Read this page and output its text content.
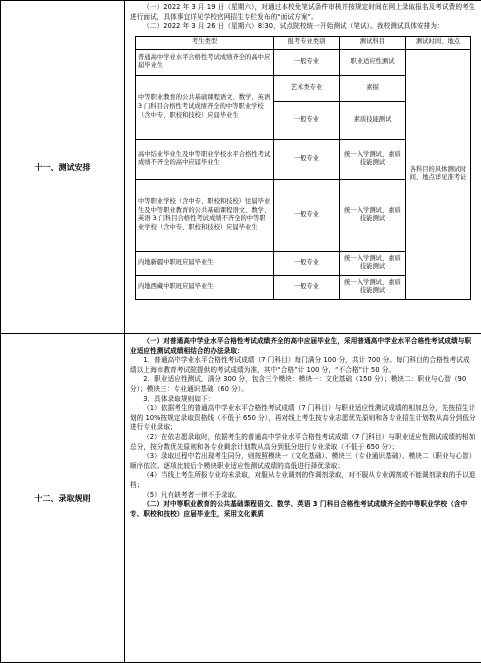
十一、测试安排	

（一）2022 年 3 月 19 日（星期六），对通过本校免笔试条件审核并按规定时间在网上录取报名及考试费的考生进行面试，具体事宜详见学校官网招生专栏发布的“面试方案”。

（二）2022 年 3 月 26 日（星期六）8:30，试点院校统一开始测试（笔试）。我校测试具体安排为：

考生类型	报考专业类别	测试科目	测试时间、地点
普通高中学业水平合格性考试成绩齐全的高中应届毕业生	一般专业	职业适应性测试	各科目的具体测试时间、地点详见准考证
中等职业教育的公共基础课程语文、数学、英语 3 门科目合格性考试成绩齐全的中等职业学校（含中专、职校和技校）应届毕业生	艺术类专业	素描
一般专业	素质技能测试
高中结业毕业生及中等职业学校水平合格性考试成绩不齐全的高中应届毕业生	一般专业	统一入学测试、素质技能测试
中等职业学校（含中专、职校和技校）往届毕业生及中等职业教育的公共基础课程语文、数学、英语 3 门科目合格性考试成绩不齐全的中等职业学校（含中专、职校和技校）应届毕业生	一般专业	统一入学测试、素质技能测试
内地新疆中职班应届毕业生	一般专业	统一入学测试、素质技能测试
内地西藏中职班应届毕业生	一般专业	统一入学测试、素质技能测试

十二、录取规则	

（一）对普通高中学业水平合格性考试成绩齐全的高中应届毕业生，采用普通高中学业水平合格性考试成绩与职业适应性测试成绩相结合的办法录取：

1．普通高中学业水平合格性考试成绩（7 门科目）每门满分 100 分，共计 700 分。每门科目的合格性考试成绩以上海市教育考试院提供的考试成绩为准，其中“合格”计 100 分，“不合格”计 50 分。

2．职业适应性测试，满分 300 分，包含三个模块：模块一：文化基础（150 分）；模块二：职业与心智（90 分）；模块三：专业通识基础（60 分）。

3．具体录取规则如下：

（1）依据考生的普通高中学业水平合格性考试成绩（7 门科目）与职业适应性测试成绩的相加总分，先按招生计划的 10%按规定录取资格线（不低于 650 分），再对线上考生按专业志愿优先原则和各专业招生计划数从高分到低分进行专业录取；

（2）在依志愿录取时，依据考生的普通高中学业水平合格性考试成绩（7 门科目）与职业适应性测试成绩的相加总分，按分数优先原则和各专业剩余计划数从高分到低分进行专业录取（不低于 650 分）；

（3）录取过程中若出现考生同分，则按照模块一（文化基础）、模块三（专业通识基础）、模块二（职业与心智）顺序依次、逐项比较后个模块职业适应性测试成绩的高低进行择优录取；

（4）当线上考生所报专业均未录取，对服从专业调剂的作调剂录取，对不服从专业调剂或不能调剂录取的予以退档；

（5）凡有缺考者一律不予录取。

（二）对中等职业教育的公共基础课程语文、数学、英语 3 门科目合格性考试成绩齐全的中等职业学校（含中专、职校和技校）应届毕业生，采用文化素质
